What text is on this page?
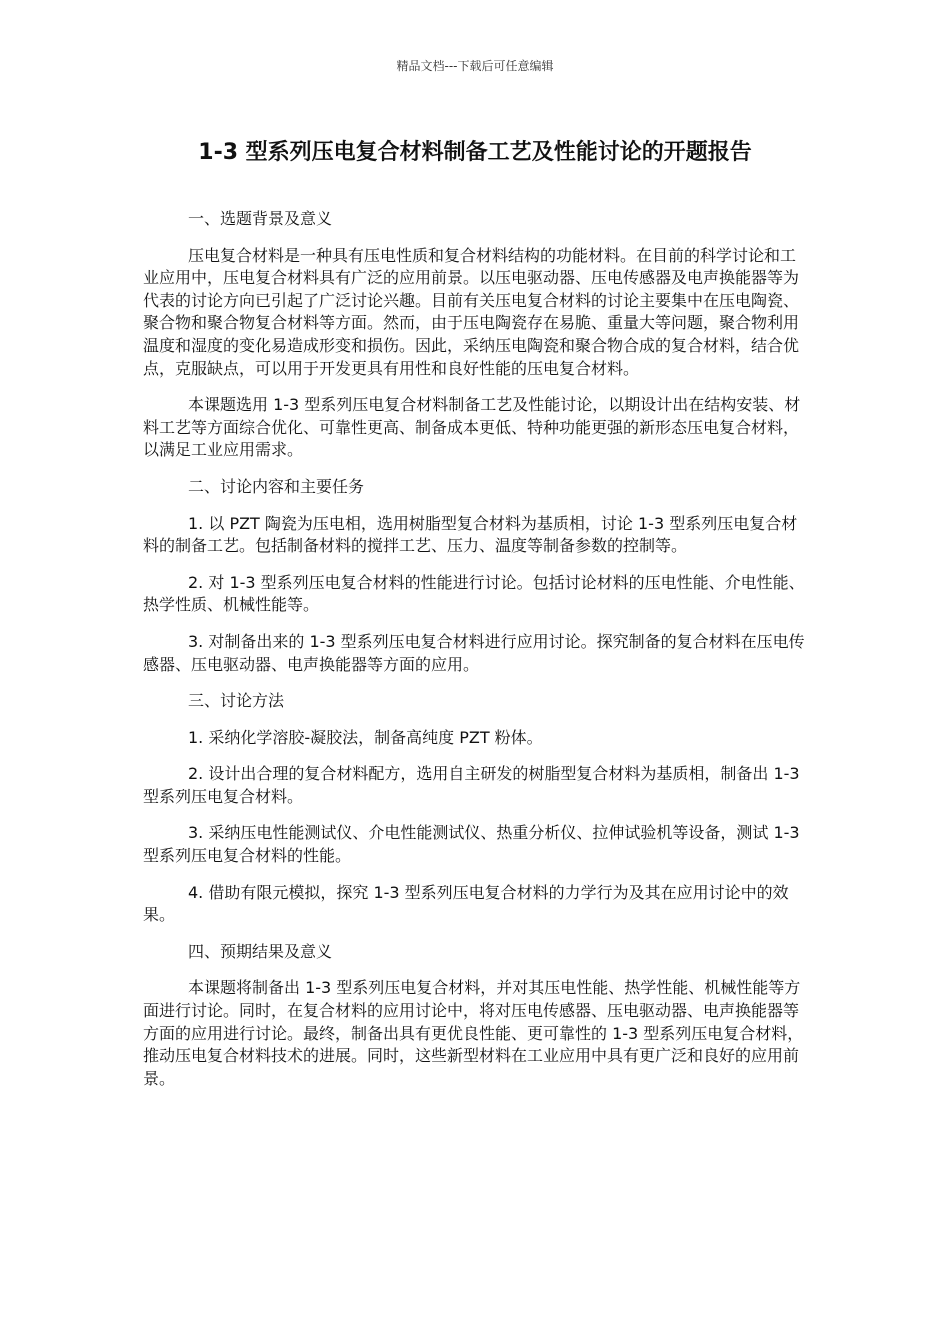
精品文档---下载后可任意编辑
1-3 型系列压电复合材料制备工艺及性能讨论的开题报告

一、选题背景及意义

压电复合材料是一种具有压电性质和复合材料结构的功能材料。在目前的科学讨论和工业应用中，压电复合材料具有广泛的应用前景。以压电驱动器、压电传感器及电声换能器等为代表的讨论方向已引起了广泛讨论兴趣。目前有关压电复合材料的讨论主要集中在压电陶瓷、聚合物和聚合物复合材料等方面。然而，由于压电陶瓷存在易脆、重量大等问题，聚合物利用温度和湿度的变化易造成形变和损伤。因此，采纳压电陶瓷和聚合物合成的复合材料，结合优点，克服缺点，可以用于开发更具有用性和良好性能的压电复合材料。

本课题选用 1-3 型系列压电复合材料制备工艺及性能讨论，以期设计出在结构安装、材料工艺等方面综合优化、可靠性更高、制备成本更低、特种功能更强的新形态压电复合材料，以满足工业应用需求。

二、讨论内容和主要任务

1. 以 PZT 陶瓷为压电相，选用树脂型复合材料为基质相，讨论 1-3 型系列压电复合材料的制备工艺。包括制备材料的搅拌工艺、压力、温度等制备参数的控制等。

2. 对 1-3 型系列压电复合材料的性能进行讨论。包括讨论材料的压电性能、介电性能、热学性质、机械性能等。

3. 对制备出来的 1-3 型系列压电复合材料进行应用讨论。探究制备的复合材料在压电传感器、压电驱动器、电声换能器等方面的应用。

三、讨论方法

1. 采纳化学溶胶-凝胶法，制备高纯度 PZT 粉体。

2. 设计出合理的复合材料配方，选用自主研发的树脂型复合材料为基质相，制备出 1-3 型系列压电复合材料。

3. 采纳压电性能测试仪、介电性能测试仪、热重分析仪、拉伸试验机等设备，测试 1-3 型系列压电复合材料的性能。

4. 借助有限元模拟，探究 1-3 型系列压电复合材料的力学行为及其在应用讨论中的效果。

四、预期结果及意义

本课题将制备出 1-3 型系列压电复合材料，并对其压电性能、热学性能、机械性能等方面进行讨论。同时，在复合材料的应用讨论中，将对压电传感器、压电驱动器、电声换能器等方面的应用进行讨论。最终，制备出具有更优良性能、更可靠性的 1-3 型系列压电复合材料，推动压电复合材料技术的进展。同时，这些新型材料在工业应用中具有更广泛和良好的应用前景。
